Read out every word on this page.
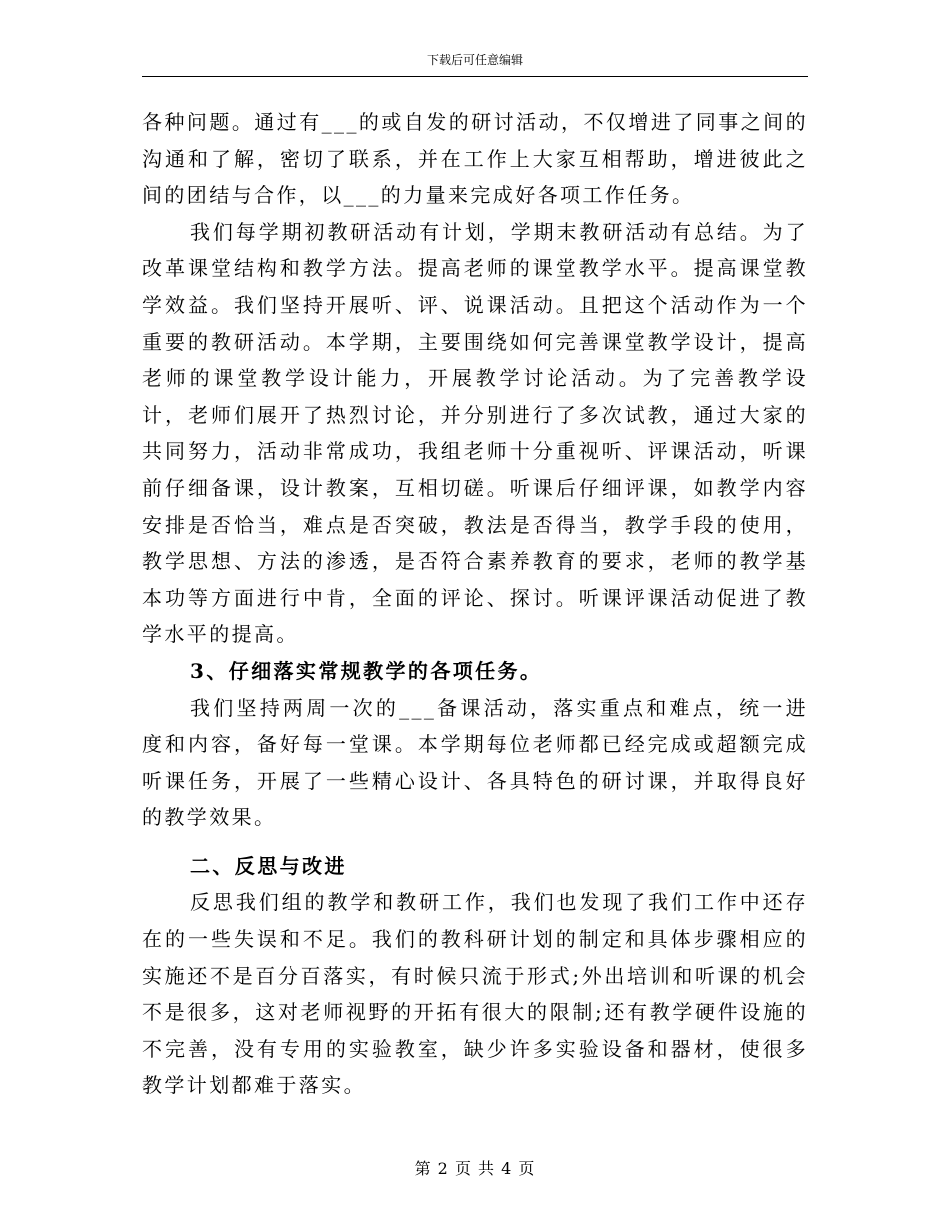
下载后可任意编辑

各种问题。通过有___的或自发的研讨活动，不仅增进了同事之间的沟通和了解，密切了联系，并在工作上大家互相帮助，增进彼此之间的团结与合作，以___的力量来完成好各项工作任务。

我们每学期初教研活动有计划，学期末教研活动有总结。为了改革课堂结构和教学方法。提高老师的课堂教学水平。提高课堂教学效益。我们坚持开展听、评、说课活动。且把这个活动作为一个重要的教研活动。本学期，主要围绕如何完善课堂教学设计，提高老师的课堂教学设计能力，开展教学讨论活动。为了完善教学设计，老师们展开了热烈讨论，并分别进行了多次试教，通过大家的共同努力，活动非常成功，我组老师十分重视听、评课活动，听课前仔细备课，设计教案，互相切磋。听课后仔细评课，如教学内容安排是否恰当，难点是否突破，教法是否得当，教学手段的使用，教学思想、方法的渗透，是否符合素养教育的要求，老师的教学基本功等方面进行中肯，全面的评论、探讨。听课评课活动促进了教学水平的提高。

3、仔细落实常规教学的各项任务。

我们坚持两周一次的___备课活动，落实重点和难点，统一进度和内容，备好每一堂课。本学期每位老师都已经完成或超额完成听课任务，开展了一些精心设计、各具特色的研讨课，并取得良好的教学效果。

二、反思与改进

反思我们组的教学和教研工作，我们也发现了我们工作中还存在的一些失误和不足。我们的教科研计划的制定和具体步骤相应的实施还不是百分百落实，有时候只流于形式;外出培训和听课的机会不是很多，这对老师视野的开拓有很大的限制;还有教学硬件设施的不完善，没有专用的实验教室，缺少许多实验设备和器材，使很多教学计划都难于落实。

第 2 页 共 4 页
